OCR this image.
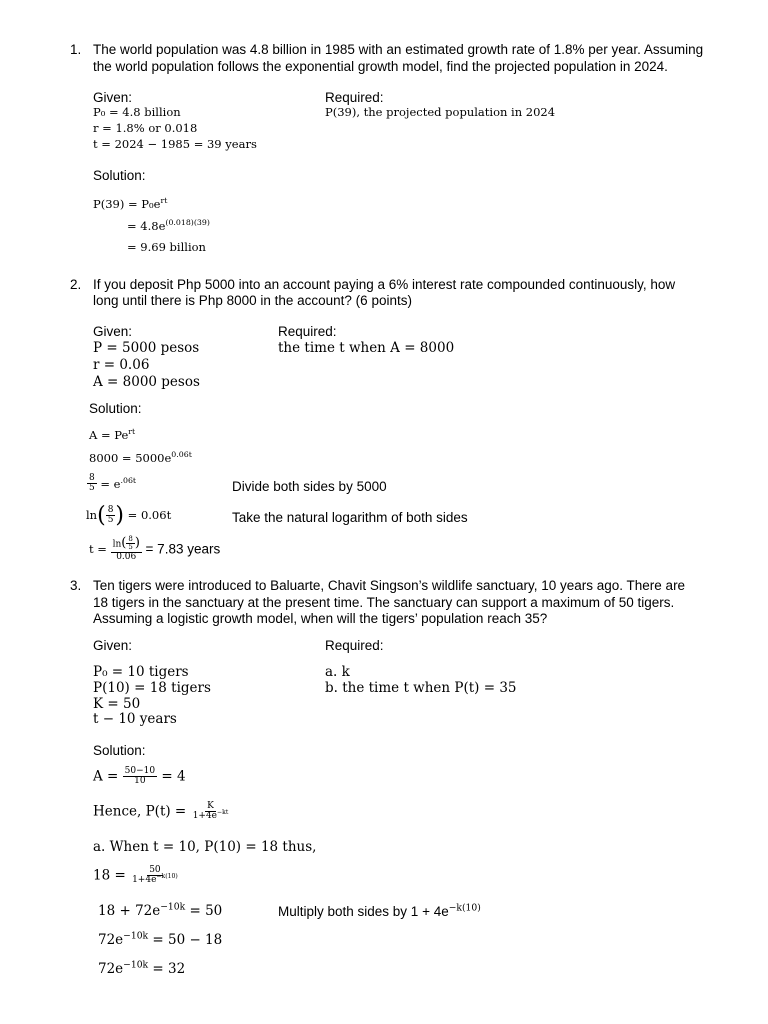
1. The world population was 4.8 billion in 1985 with an estimated growth rate of 1.8% per year. Assuming
the world population follows the exponential growth model, find the projected population in 2024.
Given:	Required:
P₀ = 4.8 billion	P(39), the projected population in 2024
r = 1.8% or 0.018
t = 2024 − 1985 = 39 years
Solution:
$P(39) = P_0e^{rt}$
= $4.8e^{(0.018)(39)}$
= 9.69 billion
2. If you deposit Php 5000 into an account paying a 6% interest rate compounded continuously, how
long until there is Php 8000 in the account? (6 points)
Given:	Required:
P = 5000 pesos	the time t when A = 8000
r = 0.06
A = 8000 pesos
Solution:
$A = Pe^{rt}$
$8000 = 5000e^{0.06t}$
$\frac{8}{5} = e^{.06t}$	Divide both sides by 5000
$\ln( \frac{8}{5}$ ) = 0.06t	Take the natural logarithm of both sides
$t = \frac{\ln( \frac{8}{5} )}{0.06} = 7.83$ years
3. Ten tigers were introduced to Baluarte, Chavit Singson’s wildlife sanctuary, 10 years ago. There are
18 tigers in the sanctuary at the present time. The sanctuary can support a maximum of 50 tigers.
Assuming a logistic growth model, when will the tigers’ population reach 35?
Given:	Required:
P₀ = 10 tigers	a. k
P(10) = 18 tigers	b. the time t when P(t) = 35
K = 50
t − 10 years
Solution:
$A = \frac{50-10}{10} = 4$
Hence, $P(t) = \frac{K}{1+4e^{-kt}}$
a. When t = 10, P(10) = 18 thus,
$18 = \frac{50}{1+4e^{-k(10)}}$
$18 + 72e^{-10k} = 50$	Multiply both sides by $1 + 4e^{-k(10)}$
$72e^{-10k} = 50 - 18$
$72e^{-10k} = 32$
